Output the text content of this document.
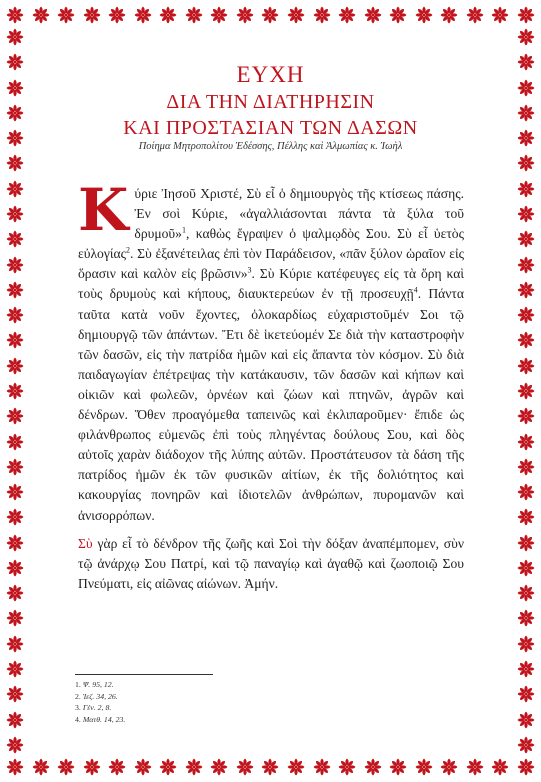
ΕΥΧΗ
ΔΙΑ ΤΗΝ ΔΙΑΤΗΡΗΣΙΝ
ΚΑΙ ΠΡΟΣΤΑΣΙΑΝ ΤΩΝ ΔΑΣΩΝ
Ποίημα Μητροπολίτου Ἐδέσσης, Πέλλης καὶ Ἀλμωπίας κ. Ἰωὴλ

Κύριε Ἰησοῦ Χριστέ, Σὺ εἶ ὁ δημιουργὸς τῆς κτίσεως πάσης. Ἐν σοὶ Κύριε, «ἀγαλλιάσονται πάντα τὰ ξύλα τοῦ δρυμοῦ»$^1$, καθὼς ἔγραψεν ὁ ψαλμῳδὸς Σου. Σὺ εἶ ὑετὸς εὐλογίας$^2$. Σὺ ἐξανέτειλας ἐπὶ τὸν Παράδεισον, «πᾶν ξύλον ὡραῖον εἰς ὅρασιν καὶ καλὸν εἰς βρῶσιν»$^3$. Σὺ Κύριε κατέφευγες εἰς τὰ ὄρη καὶ τοὺς δρυμοὺς καὶ κήπους, διαυκτερεύων ἐν τῇ προσευχῇ$^4$. Πάντα ταῦτα κατὰ νοῦν ἔχοντες, ὁλοκαρδίως εὐχαριστοῦμέν Σοι τῷ δημιουργῷ τῶν ἁπάντων. Ἔτι δὲ ἱκετεύομέν Σε διὰ τὴν καταστροφὴν τῶν δασῶν, εἰς τὴν πατρίδα ἡμῶν καὶ εἰς ἅπαντα τὸν κόσμον. Σὺ διὰ παιδαγωγίαν ἐπέτρεψας τὴν κατάκαυσιν, τῶν δασῶν καὶ κήπων καὶ οἰκιῶν καὶ φωλεῶν, ὀρνέων καὶ ζώων καὶ πτηνῶν, ἀγρῶν καὶ δένδρων. Ὅθεν προαγόμεθα ταπεινῶς καὶ ἐκλιπαροῦμεν· ἔπιδε ὡς φιλάνθρωπος εὐμενῶς ἐπὶ τοὺς πληγέντας δούλους Σου, καὶ δὸς αὐτοῖς χαρὰν διάδοχον τῆς λύπης αὐτῶν. Προστάτευσον τὰ δάση τῆς πατρίδος ἡμῶν ἐκ τῶν φυσικῶν αἰτίων, ἐκ τῆς δολιότητος καὶ κακουργίας πονηρῶν καὶ ἰδιοτελῶν ἀνθρώπων, πυρομανῶν καὶ ἀνισορρόπων.

Σὺ γὰρ εἶ τὸ δένδρον τῆς ζωῆς καὶ Σοὶ τὴν δόξαν ἀναπέμπομεν, σὺν τῷ ἀνάρχῳ Σου Πατρί, καὶ τῷ παναγίῳ καὶ ἀγαθῷ καὶ ζωοποιῷ Σου Πνεύματι, εἰς αἰῶνας αἰώνων. Ἀμήν.

1. Ψ. 95, 12.
2. Ἰεζ. 34, 26.
3. Γέν. 2, 8.
4. Ματθ. 14, 23.
